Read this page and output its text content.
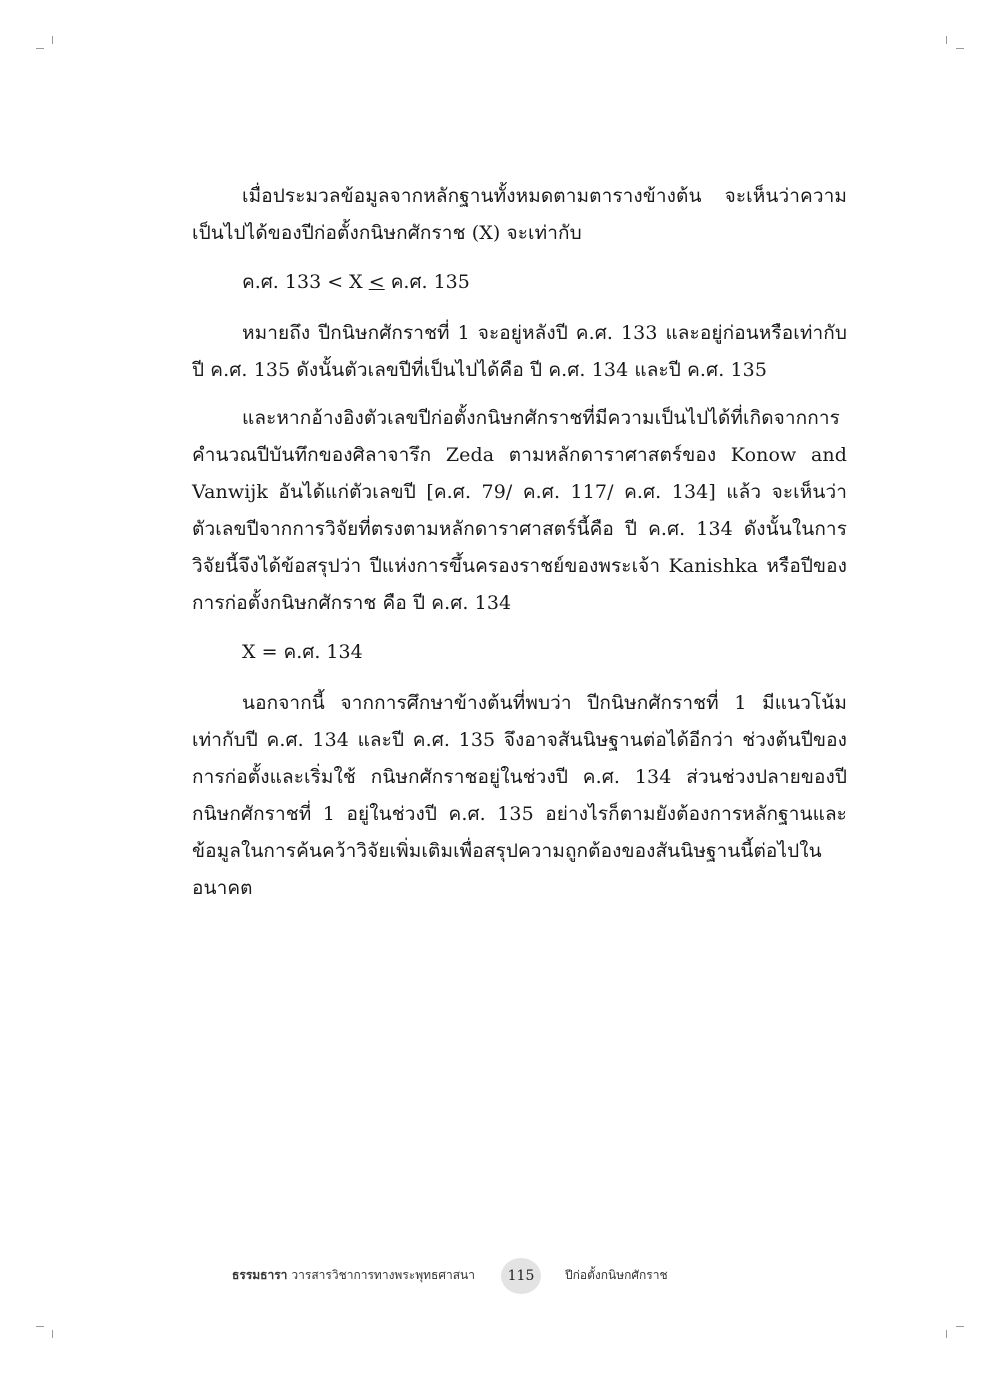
เมื่อประมวลข้อมูลจากหลักฐานทั้งหมดตามตารางข้างต้น จะเห็นว่าความเป็นไปได้ของปีก่อตั้งกนิษกศักราช (X) จะเท่ากับ

ค.ศ. 133 < X < ค.ศ. 135

หมายถึง ปีกนิษกศักราชที่ 1 จะอยู่หลังปี ค.ศ. 133 และอยู่ก่อนหรือเท่ากับปี ค.ศ. 135 ดังนั้นตัวเลขปีที่เป็นไปได้คือ ปี ค.ศ. 134 และปี ค.ศ. 135

และหากอ้างอิงตัวเลขปีก่อตั้งกนิษกศักราชที่มีความเป็นไปได้ที่เกิดจากการคำนวณปีบันทึกของศิลาจารึก Zeda ตามหลักดาราศาสตร์ของ Konow and Vanwijk อันได้แก่ตัวเลขปี [ค.ศ. 79/ ค.ศ. 117/ ค.ศ. 134] แล้ว จะเห็นว่าตัวเลขปีจากการวิจัยที่ตรงตามหลักดาราศาสตร์นี้คือ ปี ค.ศ. 134 ดังนั้นในการวิจัยนี้จึงได้ข้อสรุปว่า ปีแห่งการขึ้นครองราชย์ของพระเจ้า Kanishka หรือปีของการก่อตั้งกนิษกศักราช คือ ปี ค.ศ. 134

X = ค.ศ. 134

นอกจากนี้ จากการศึกษาข้างต้นที่พบว่า ปีกนิษกศักราชที่ 1 มีแนวโน้มเท่ากับปี ค.ศ. 134 และปี ค.ศ. 135 จึงอาจสันนิษฐานต่อได้อีกว่า ช่วงต้นปีของการก่อตั้งและเริ่มใช้ กนิษกศักราชอยู่ในช่วงปี ค.ศ. 134 ส่วนช่วงปลายของปีกนิษกศักราชที่ 1 อยู่ในช่วงปี ค.ศ. 135 อย่างไรก็ตามยังต้องการหลักฐานและข้อมูลในการค้นคว้าวิจัยเพิ่มเติมเพื่อสรุปความถูกต้องของสันนิษฐานนี้ต่อไปในอนาคต

ธรรมธารา วารสารวิชาการทางพระพุทธศาสนา	115	ปีก่อตั้งกนิษกศักราช
